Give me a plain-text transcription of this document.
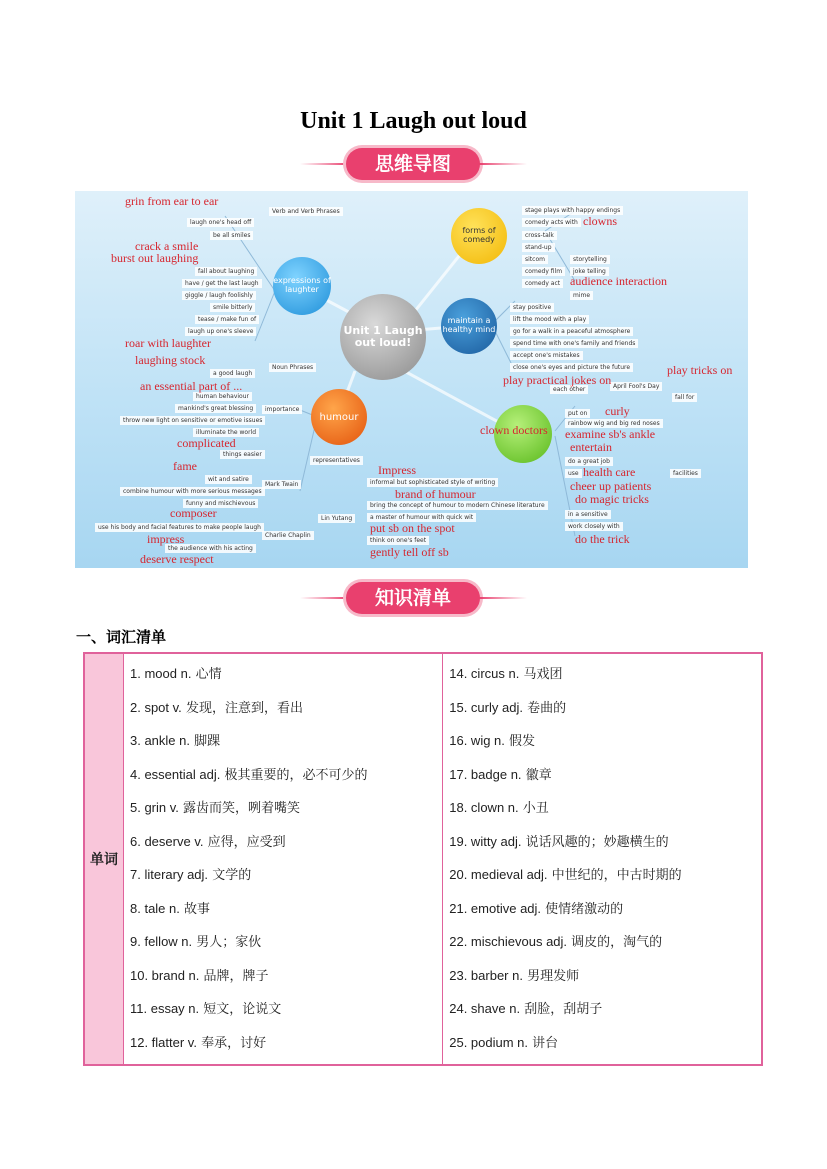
Unit 1 Laugh out loud
思维导图
Unit 1 Laugh out loud!
forms of comedy
expressions of laughter
maintain a healthy mind
humour
Verb and Verb Phrases
Noun Phrases
importance
representatives
Mark Twain
Lin Yutang
Charlie Chaplin
laugh one's head off
be all smiles
fall about laughing
have / get the last laugh
giggle / laugh foolishly
smile bitterly
tease / make fun of
laugh up one's sleeve
a good laugh
human behaviour
mankind's great blessing
throw new light on sensitive or emotive issues
illuminate the world
things easier
wit and satire
combine humour with more serious messages
funny and mischievous
use his body and facial features to make people laugh
the audience with his acting
stage plays with happy endings
comedy acts with
cross-talk
stand-up
sitcom	storytelling
comedy film	joke telling
comedy act
mime
stay positive
lift the mood with a play
go for a walk in a peaceful atmosphere
spend time with one's family and friends
accept one's mistakes
close one's eyes and picture the future
each other	April Fool's Day
fall for
informal but sophisticated style of writing
bring the concept of humour to modern Chinese literature
a master of humour with quick wit
think on one's feet
put on
rainbow wig and big red noses
do a great job
facilities
use
in a sensitive
work closely with
grin from ear to ear
crack a smile
burst out laughing
roar with laughter
laughing stock
an essential part of ...
complicated
fame
composer
impress
deserve respect
clowns
audience interaction
play tricks on
play practical jokes on
clown doctors
curly
examine sb's ankle
entertain
health care
cheer up patients
do magic tricks
do the trick
Impress
brand of humour
put sb on the spot
gently tell off sb
知识清单
一、词汇清单
单词	
1. mood n. 心情
2. spot v. 发现，注意到，看出
3. ankle n. 脚踝
4. essential adj. 极其重要的，必不可少的
5. grin v. 露齿而笑，咧着嘴笑
6. deserve v. 应得，应受到
7. literary adj. 文学的
8. tale n. 故事
9. fellow n. 男人；家伙
10. brand n. 品牌，牌子
11. essay n. 短文，论说文
12. flatter v. 奉承，讨好

14. circus n. 马戏团
15. curly adj. 卷曲的
16. wig n. 假发
17. badge n. 徽章
18. clown n. 小丑
19. witty adj. 说话风趣的；妙趣横生的
20. medieval adj. 中世纪的，中古时期的
21. emotive adj. 使情绪激动的
22. mischievous adj. 调皮的，淘气的
23. barber n. 男理发师
24. shave n. 刮脸，刮胡子
25. podium n. 讲台
